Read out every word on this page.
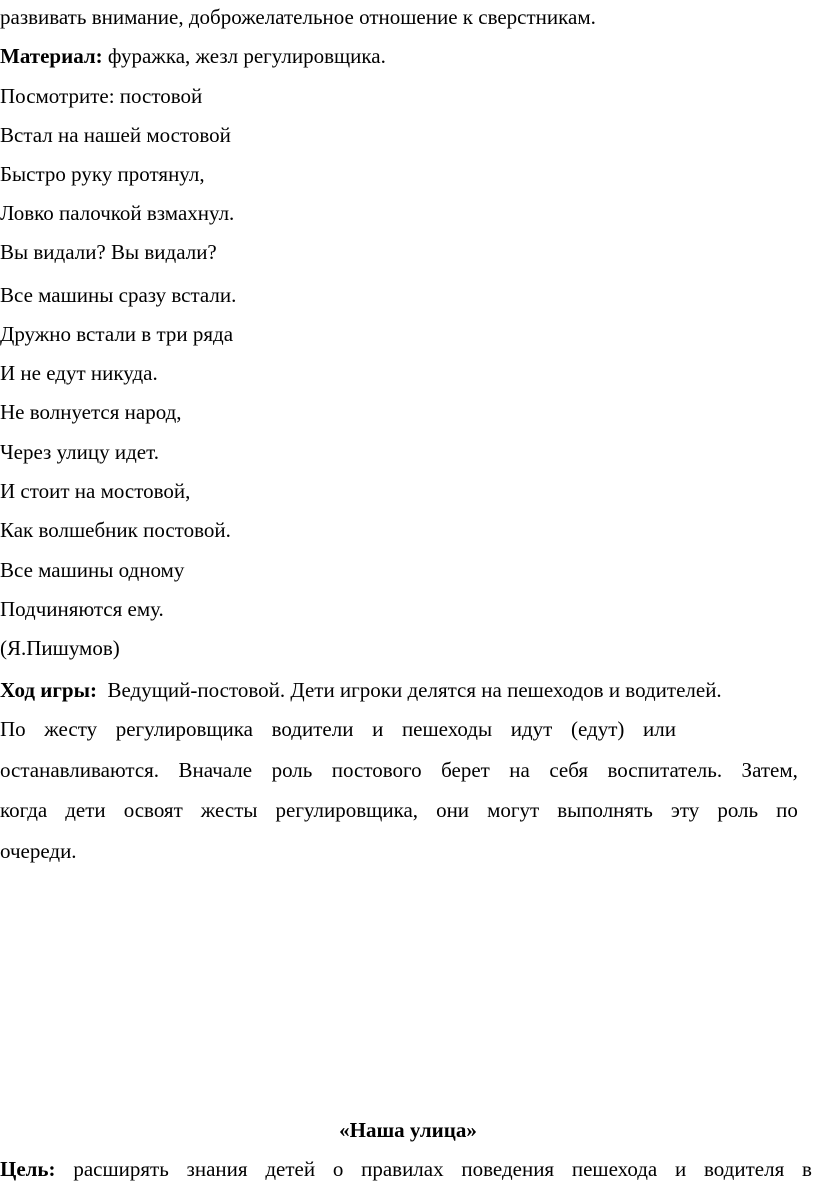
развивать внимание, доброжелательное отношение к сверстникам.
Материал: фуражка, жезл регулировщика.
Посмотрите: постовой
Встал на нашей мостовой
Быстро руку протянул,
Ловко палочкой взмахнул.
Вы видали? Вы видали?
Все машины сразу встали.
Дружно встали в три ряда
И не едут никуда.
Не волнуется народ,
Через улицу идет.
И стоит на мостовой,
Как волшебник постовой.
Все машины одному
Подчиняются ему.
(Я.Пишумов)
Ход игры: Ведущий-постовой. Дети игроки делятся на пешеходов и водителей.
По жесту регулировщика водители и пешеходы идут (едут) или
останавливаются. Вначале роль постового берет на себя воспитатель. Затем,
когда дети освоят жесты регулировщика, они могут выполнять эту роль по
очереди.
«Наша улица»
Цель: расширять знания детей о правилах поведения пешехода и водителя в
